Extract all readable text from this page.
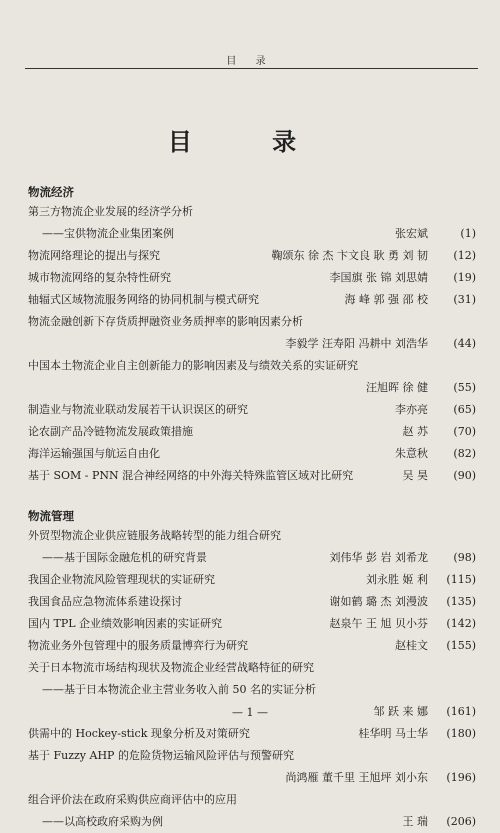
目 录
目 录
物流经济
第三方物流企业发展的经济学分析
——宝供物流企业集团案例	张宏斌	(1)
物流网络理论的提出与探究	鞠颂东 徐 杰 卞文良 耿 勇 刘 韧 (12)
城市物流网络的复杂特性研究	李国旗 张 锦 刘思婧 (19)
轴辐式区域物流服务网络的协同机制与模式研究	海 峰 郭 强 邵 校 (31)
物流金融创新下存货质押融资业务质押率的影响因素分析
李毅学 汪寿阳 冯耕中 刘浩华 (44)
中国本土物流企业自主创新能力的影响因素及与绩效关系的实证研究
汪旭晖 徐 健 (55)
制造业与物流业联动发展若干认识误区的研究	李亦亮 (65)
论农副产品冷链物流发展政策措施	赵 苏 (70)
海洋运输强国与航运自由化	朱意秋 (82)
基于 SOM - PNN 混合神经网络的中外海关特殊监管区域对比研究	吴 昊 (90)
物流管理
外贸型物流企业供应链服务战略转型的能力组合研究
——基于国际金融危机的研究背景	刘伟华 彭 岩 刘希龙 (98)
我国企业物流风险管理现状的实证研究	刘永胜 姬 利 (115)
我国食品应急物流体系建设探讨	谢如鹤 璐 杰 刘漫波 (135)
国内 TPL 企业绩效影响因素的实证研究	赵泉午 王 旭 贝小芬 (142)
物流业务外包管理中的服务质量博弈行为研究	赵桂文 (155)
关于日本物流市场结构现状及物流企业经营战略特征的研究
——基于日本物流企业主营业务收入前 50 名的实证分析
邹 跃 来 娜 (161)
供需中的 Hockey-stick 现象分析及对策研究	桂华明 马士华 (180)
基于 Fuzzy AHP 的危险货物运输风险评估与预警研究
尚鸿雁 董千里 王旭坪 刘小东 (196)
组合评价法在政府采购供应商评估中的应用
——以高校政府采购为例	王 瑞 (206)
— 1 —
